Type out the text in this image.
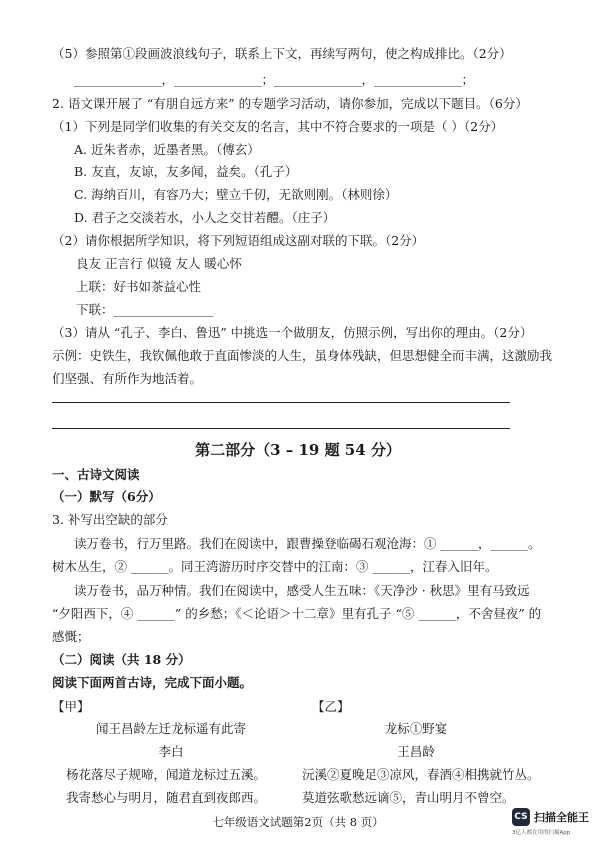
（5）参照第①段画波浪线句子，联系上下文，再续写两句，使之构成排比。（2分）
______________，______________；______________，______________；
2. 语文课开展了 “有朋自远方来” 的专题学习活动，请你参加，完成以下题目。（6分）
（1）下列是同学们收集的有关交友的名言，其中不符合要求的一项是（ ）（2分）
A. 近朱者赤，近墨者黑。（傅玄）
B. 友直，友谅，友多闻，益矣。（孔子）
C. 海纳百川，有容乃大；壁立千仞，无欲则刚。（林则徐）
D. 君子之交淡若水，小人之交甘若醴。（庄子）
（2）请你根据所学知识，将下列短语组成这副对联的下联。（2分）
良友 正言行 似镜 友人 暖心怀
上联：好书如茶益心性
下联：________________
（3）请从 “孔子、李白、鲁迅” 中挑选一个做朋友，仿照示例，写出你的理由。（2分）
示例：史铁生，我钦佩他敢于直面惨淡的人生，虽身体残缺，但思想健全而丰满，这激励我
们坚强、有所作为地活着。
第二部分（3 – 19 题 54 分）
一、古诗文阅读
（一）默写（6分）
3. 补写出空缺的部分
读万卷书，行万里路。我们在阅读中，跟曹操登临碣石观沧海：① ______，______。
树木丛生，② ______。同王湾游历时序交替中的江南：③ ______，江春入旧年。
读万卷书，品万种情。我们在阅读中，感受人生五味：《天净沙 · 秋思》里有马致远
“夕阳西下，④ ______” 的乡愁；《＜论语＞十二章》里有孔子 “⑤ ______，不舍昼夜” 的
感慨；
（二）阅读（共 18 分）
阅读下面两首古诗，完成下面小题。
【甲】	【乙】
闻王昌龄左迁龙标遥有此寄
李白
杨花落尽子规啼，闻道龙标过五溪。
我寄愁心与明月，随君直到夜郎西。
龙标①野宴
王昌龄
沅溪②夏晚足③凉风，春酒④相携就竹丛。
莫道弦歌愁远谪⑤，青山明月不曾空。
七年级语文试题第2页（共 8 页）	CS 扫描全能王
3亿人都在用的扫描App
